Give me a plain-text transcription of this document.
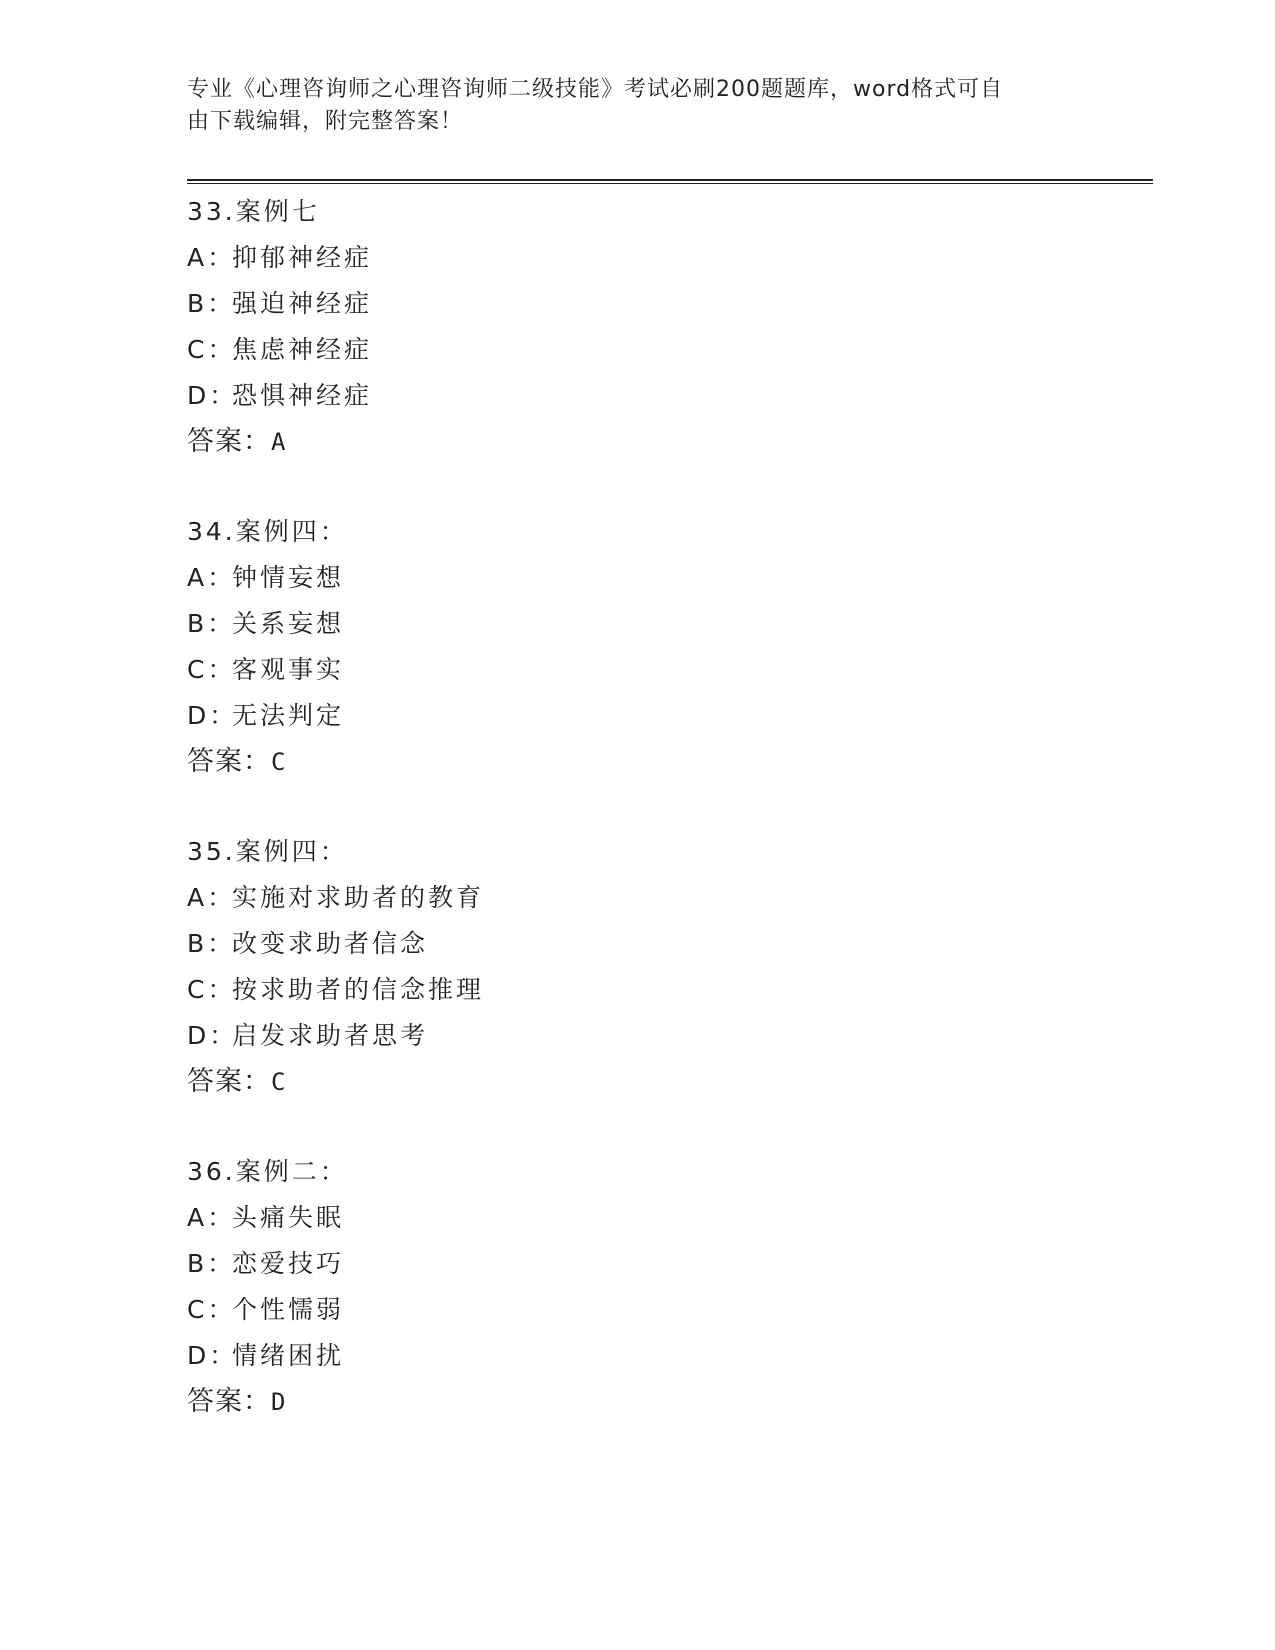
专业《心理咨询师之心理咨询师二级技能》考试必刷200题题库，word格式可自
由下载编辑，附完整答案！
33.案例七
A：抑郁神经症
B：强迫神经症
C：焦虑神经症
D：恐惧神经症
答案：A
34.案例四：
A：钟情妄想
B：关系妄想
C：客观事实
D：无法判定
答案：C
35.案例四：
A：实施对求助者的教育
B：改变求助者信念
C：按求助者的信念推理
D：启发求助者思考
答案：C
36.案例二：
A：头痛失眠
B：恋爱技巧
C：个性懦弱
D：情绪困扰
答案：D
